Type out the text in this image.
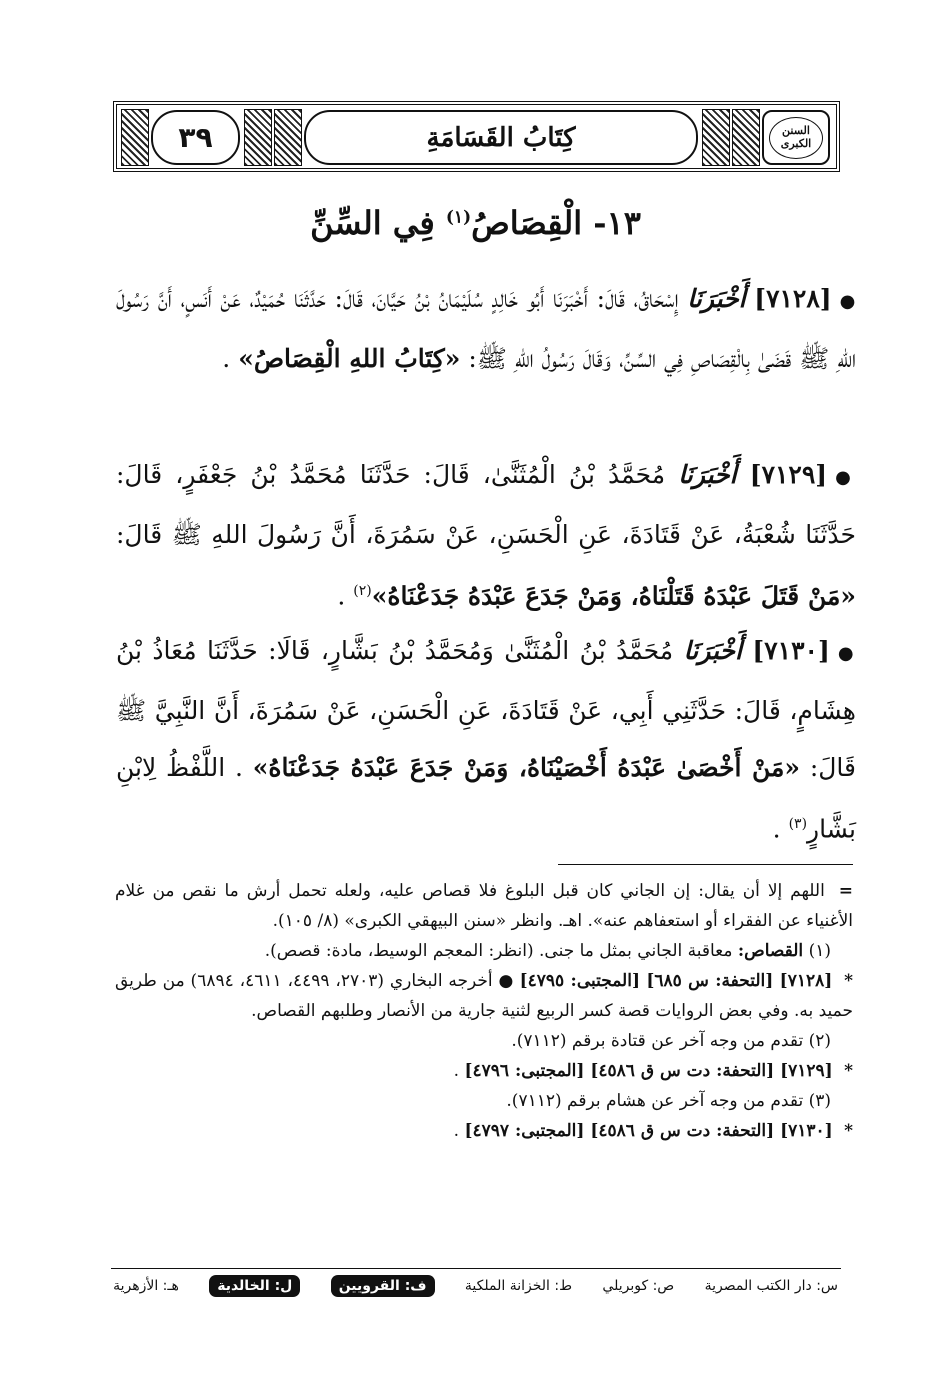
السنن الكبرى
كِتَابُ القَسَامَةِ
٣٩
١٣- الْقِصَاصُ$^{(١)}$ فِي السِّنِّ
●[٧١٢٨] أَخْبَرَنَا إِسْحَاقُ، قَالَ: أَخْبَرَنَا أَبُو خَالِدٍ سُلَيْمَانُ بْنُ حَيَّانَ، قَالَ: حَدَّثَنَا حُمَيْدٌ، عَنْ أَنَسٍ، أَنَّ رَسُولَ اللهِ ﷺ قَضَىٰ بِالْقِصَاصِ فِي السِّنِّ، وَقَالَ رَسُولُ اللهِ ﷺ: «كِتَابُ اللهِ الْقِصَاصُ» .
●[٧١٢٩] أَخْبَرَنَا مُحَمَّدُ بْنُ الْمُثَنَّىٰ، قَالَ: حَدَّثَنَا مُحَمَّدُ بْنُ جَعْفَرٍ، قَالَ: حَدَّثَنَا شُعْبَةُ، عَنْ قَتَادَةَ، عَنِ الْحَسَنِ، عَنْ سَمُرَةَ، أَنَّ رَسُولَ اللهِ ﷺ قَالَ: «مَنْ قَتَلَ عَبْدَهُ قَتَلْنَاهُ، وَمَنْ جَدَعَ عَبْدَهُ جَدَعْنَاهُ»$^{(٢)}$ .
●[٧١٣٠] أَخْبَرَنَا مُحَمَّدُ بْنُ الْمُثَنَّىٰ وَمُحَمَّدُ بْنُ بَشَّارٍ، قَالَا: حَدَّثَنَا مُعَاذُ بْنُ هِشَامٍ، قَالَ: حَدَّثَنِي أَبِي، عَنْ قَتَادَةَ، عَنِ الْحَسَنِ، عَنْ سَمُرَةَ، أَنَّ النَّبِيَّ ﷺ قَالَ: «مَنْ أَخْصَىٰ عَبْدَهُ أَخْصَيْنَاهُ، وَمَنْ جَدَعَ عَبْدَهُ جَدَعْنَاهُ» . اللَّفْظُ لِابْنِ بَشَّارٍ$^{(٣)}$ .

= اللهم إلا أن يقال: إن الجاني كان قبل البلوغ فلا قصاص عليه، ولعله تحمل أرش ما نقص من غلام الأغنياء عن الفقراء أو استعفاهم عنه». اهـ. وانظر «سنن البيهقي الكبرى» (٨/ ١٠٥).

(١) القصاص: معاقبة الجاني بمثل ما جنى. (انظر: المعجم الوسيط، مادة: قصص).

* [٧١٢٨] [التحفة: س ٦٨٥] [المجتبى: ٤٧٩٥] ● أخرجه البخاري (٢٧٠٣، ٤٤٩٩، ٤٦١١، ٦٨٩٤) من طريق حميد به. وفي بعض الروايات قصة كسر الربيع لثنية جارية من الأنصار وطلبهم القصاص.

(٢) تقدم من وجه آخر عن قتادة برقم (٧١١٢).

* [٧١٢٩] [التحفة: دت س ق ٤٥٨٦] [المجتبى: ٤٧٩٦] .

(٣) تقدم من وجه آخر عن هشام برقم (٧١١٢).

* [٧١٣٠] [التحفة: دت س ق ٤٥٨٦] [المجتبى: ٤٧٩٧] .

س: دار الكتب المصرية
ص: كوبريلي
ط: الخزانة الملكية
ف: القرويين
ل: الخالدية
هـ: الأزهرية
